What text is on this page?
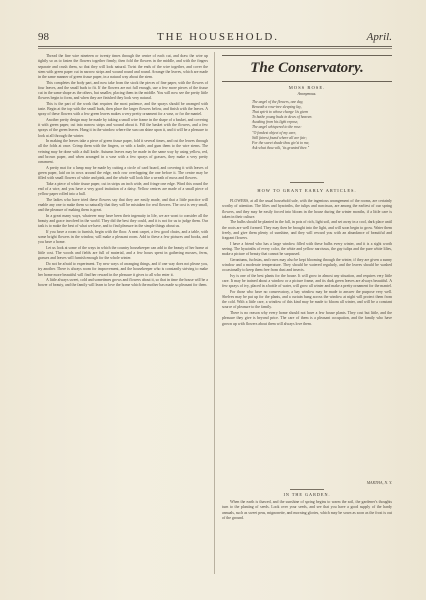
98	THE HOUSEHOLD.	April.

Thread the fine wire nineteen or twenty times through the centre of each cut, and draw the wire up tightly so as to fasten the flowers together firmly; then fold the flowers in the middle, and with the fingers separate and crush them, so that they will look natural. Twist the ends of the wire together, and cover the stem with green paper cut in narrow strips and wound round and round. Arrange the leaves, which are made in the same manner of green tissue paper, in a natural way about the stem.

This completes the body part, and now take from the stock the pieces of fine paper, with the flowers of four leaves, and the small buds to fit. If the flowers are not full enough, use a few more pieces of the tissue cut in the same shape as the others, but smaller, placing them in the middle. You will now see the pretty little flowers begin to form, and when they are finished they look very natural.

This is the part of the work that requires the most patience, and the sprays should be arranged with taste. Begin at the top with the small buds, then place the larger flowers below, and finish with the leaves. A spray of these flowers with a few green leaves makes a very pretty ornament for a vase, or for the mantel.

Another pretty design may be made by taking a small wire frame in the shape of a basket, and covering it with green paper, cut into narrow strips and wound about it. Fill the basket with the flowers, and a few sprays of the green leaves. Hang it in the window where the sun can shine upon it, and it will be a pleasure to look at all through the winter.

In making the leaves take a piece of green tissue paper, fold it several times, and cut the leaves through all the folds at once. Crimp them with the fingers, or with a knife, and gum them to the wire stems. The veining may be done with a dull knife. Autumn leaves may be made in the same way by using yellow, red, and brown paper, and when arranged in a vase with a few sprays of grasses, they make a very pretty ornament.

A pretty mat for a lamp may be made by cutting a circle of card board, and covering it with leaves of green paper, laid on in rows around the edge, each row overlapping the one before it. The centre may be filled with small flowers of white and pink, and the whole will look like a wreath of moss and flowers.

Take a piece of white tissue paper, cut in strips an inch wide, and fringe one edge. Wind this round the end of a wire, and you have a very good imitation of a daisy. Yellow centres are made of a small piece of yellow paper rolled into a ball.

The ladies who have tried these flowers say that they are easily made, and that a little practice will enable any one to make them so naturally that they will be mistaken for real flowers. The cost is very small, and the pleasure of making them is great.

In a great many ways, whatever may have been their ingenuity in life, we are wont to consider all the beauty and grace involved in the world. They did the best they could, and it is not for us to judge them. Our task is to make the best of what we have, and to find pleasure in the simple things about us.

If you have a room to furnish, begin with the floor. A neat carpet, a few good chairs, and a table, with some bright flowers in the window, will make a pleasant room. Add to these a few pictures and books, and you have a home.

Let us look at some of the ways in which the country housekeeper can add to the beauty of her home at little cost. The woods and fields are full of material, and a few hours spent in gathering mosses, ferns, grasses and leaves will furnish enough for the whole winter.

Do not be afraid to experiment. Try new ways of arranging things, and if one way does not please you, try another. There is always room for improvement, and the housekeeper who is constantly striving to make her home more beautiful will find her reward in the pleasure it gives to all who enter it.

A little always sweet, cold and sometimes grows and flowers about it, so that in time the house will be a bower of beauty, and the family will learn to love the home which the mother has made so pleasant for them.

The Conservatory.
MOSS ROSE.
Anonymous.
The angel of the flowers, one day,
Beneath a rose-tree sleeping lay,
That spirit to whose charge 'tis given
To bathe young buds in dews of heaven.
Awaking from his light repose,
The angel whispered to the rose:
"O fondest object of my care,
Still fairest found where all are fair;
For the sweet shade thou giv'st to me,
Ask what thou wilt, 'tis granted thee."
HOW TO GRANT EARLY ARTICLES.

FLOWERS, at all the usual household sale, with the ingenious arrangement of the rooms, are certainly worthy of attention. The lilies and hyacinths, the tulips and narcissus, are among the earliest of our spring flowers, and they may be easily forced into bloom in the house during the winter months, if a little care is taken in their culture.

The bulbs should be planted in the fall, in pots of rich, light soil, and set away in a cool, dark place until the roots are well formed. They may then be brought into the light, and will soon begin to grow. Water them freely, and give them plenty of sunshine, and they will reward you with an abundance of beautiful and fragrant flowers.

I have a friend who has a large window filled with these bulbs every winter, and it is a sight worth seeing. The hyacinths of every color, the white and yellow narcissus, the gay tulips and the pure white lilies, make a picture of beauty that cannot be surpassed.

Geraniums, fuchsias, and roses may also be kept blooming through the winter, if they are given a sunny window and a moderate temperature. They should be watered regularly, and the leaves should be washed occasionally to keep them free from dust and insects.

Ivy is one of the best plants for the house. It will grow in almost any situation, and requires very little care. It may be trained about a window or a picture frame, and its dark green leaves are always beautiful. A few sprays of ivy, placed in a bottle of water, will grow all winter and make a pretty ornament for the mantel.

For those who have no conservatory, a bay window may be made to answer the purpose very well. Shelves may be put up for the plants, and a curtain hung across the window at night will protect them from the cold. With a little care, a window of this kind may be made to bloom all winter, and will be a constant source of pleasure to the family.

There is no reason why every home should not have a few house plants. They cost but little, and the pleasure they give is beyond price. The care of them is a pleasant occupation, and the family who have grown up with flowers about them will always love them.

MARTHA, N. Y.
IN THE GARDEN.

When the earth is thawed, and the sunshine of spring begins to warm the soil, the gardener's thoughts turn to the planting of seeds. Look over your seeds, and see that you have a good supply of the hardy annuals, such as sweet peas, mignonette, and morning glories, which may be sown as soon as the frost is out of the ground.
